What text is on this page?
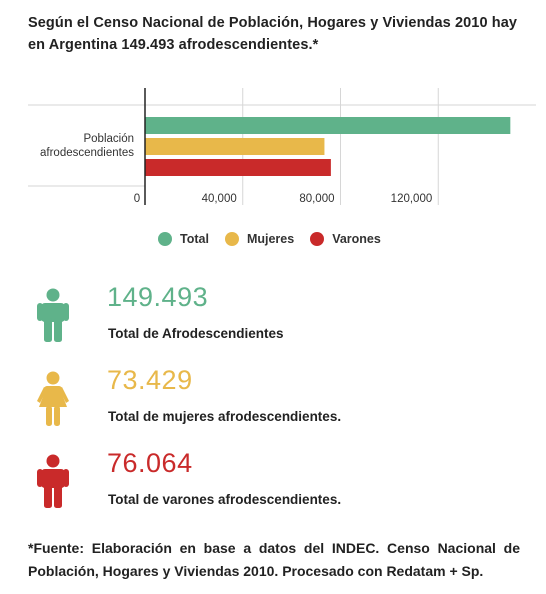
Según el Censo Nacional de Población, Hogares y Viviendas 2010 hay en Argentina 149.493 afrodescendientes.*
Población
afrodescendientes
0	40,000	80,000	120,000
Total	Mujeres	Varones
149.493
Total de Afrodescendientes
73.429
Total de mujeres afrodescendientes.
76.064
Total de varones afrodescendientes.
*Fuente: Elaboración en base a datos del INDEC. Censo Nacional de Población, Hogares y Viviendas 2010. Procesado con Redatam + Sp.
